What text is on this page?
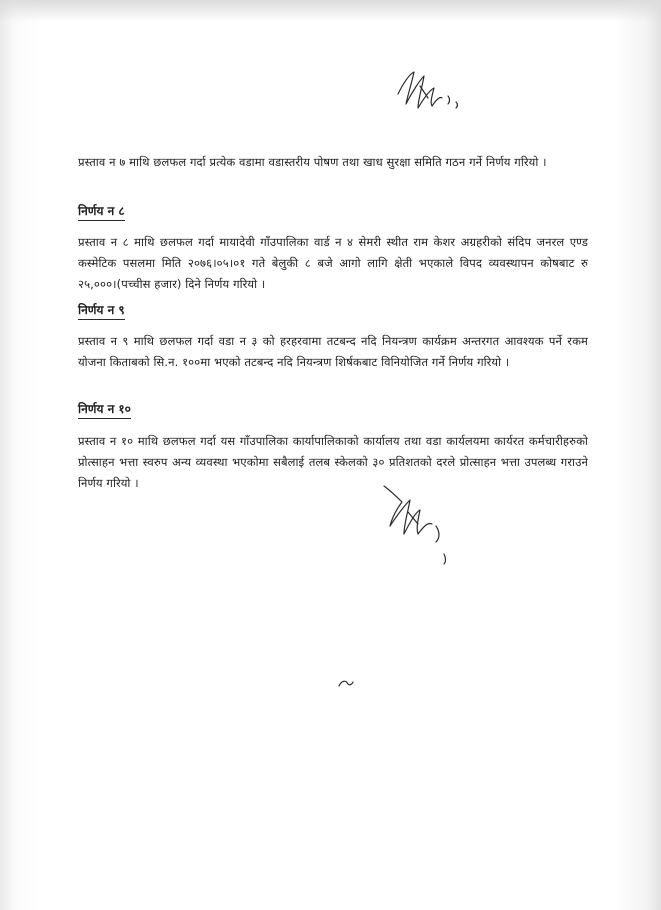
प्रस्ताव न ७ माथि छलफल गर्दा प्रत्येक वडामा वडास्तरीय पोषण तथा खाध सुरक्षा समिति गठन गर्ने निर्णय गरियो ।

निर्णय न ८

प्रस्ताव न ८ माथि छलफल गर्दा मायादेवी गाँउपालिका वार्ड न ४ सेमरी स्थीत राम केशर अग्रहरीको संदिप जनरल एण्ड कस्मेटिक पसलमा मिति २०७६।०५।०१ गते बेलुकी ८ बजे आगो लागि क्षेती भएकाले विपद व्यवस्थापन कोषबाट रु २५,०००।(पच्चीस हजार) दिने निर्णय गरियो ।

निर्णय न ९

प्रस्ताव न ९ माथि छलफल गर्दा वडा न ३ को हरहरवामा तटबन्द नदि नियन्त्रण कार्यक्रम अन्तरगत आवश्यक पर्ने रकम योजना किताबको सि.न. १००मा भएको तटबन्द नदि नियन्त्रण शिर्षकबाट विनियोजित गर्ने निर्णय गरियो ।

निर्णय न १०

प्रस्ताव न १० माथि छलफल गर्दा यस गाँउपालिका कार्यापालिकाको कार्यालय तथा वडा कार्यलयमा कार्यरत कर्मचारीहरुको प्रोत्साहन भत्ता स्वरुप अन्य व्यवस्था भएकोमा सबैलाई तलब स्केलको ३० प्रतिशतको दरले प्रोत्साहन भत्ता उपलब्ध गराउने निर्णय गरियो ।
